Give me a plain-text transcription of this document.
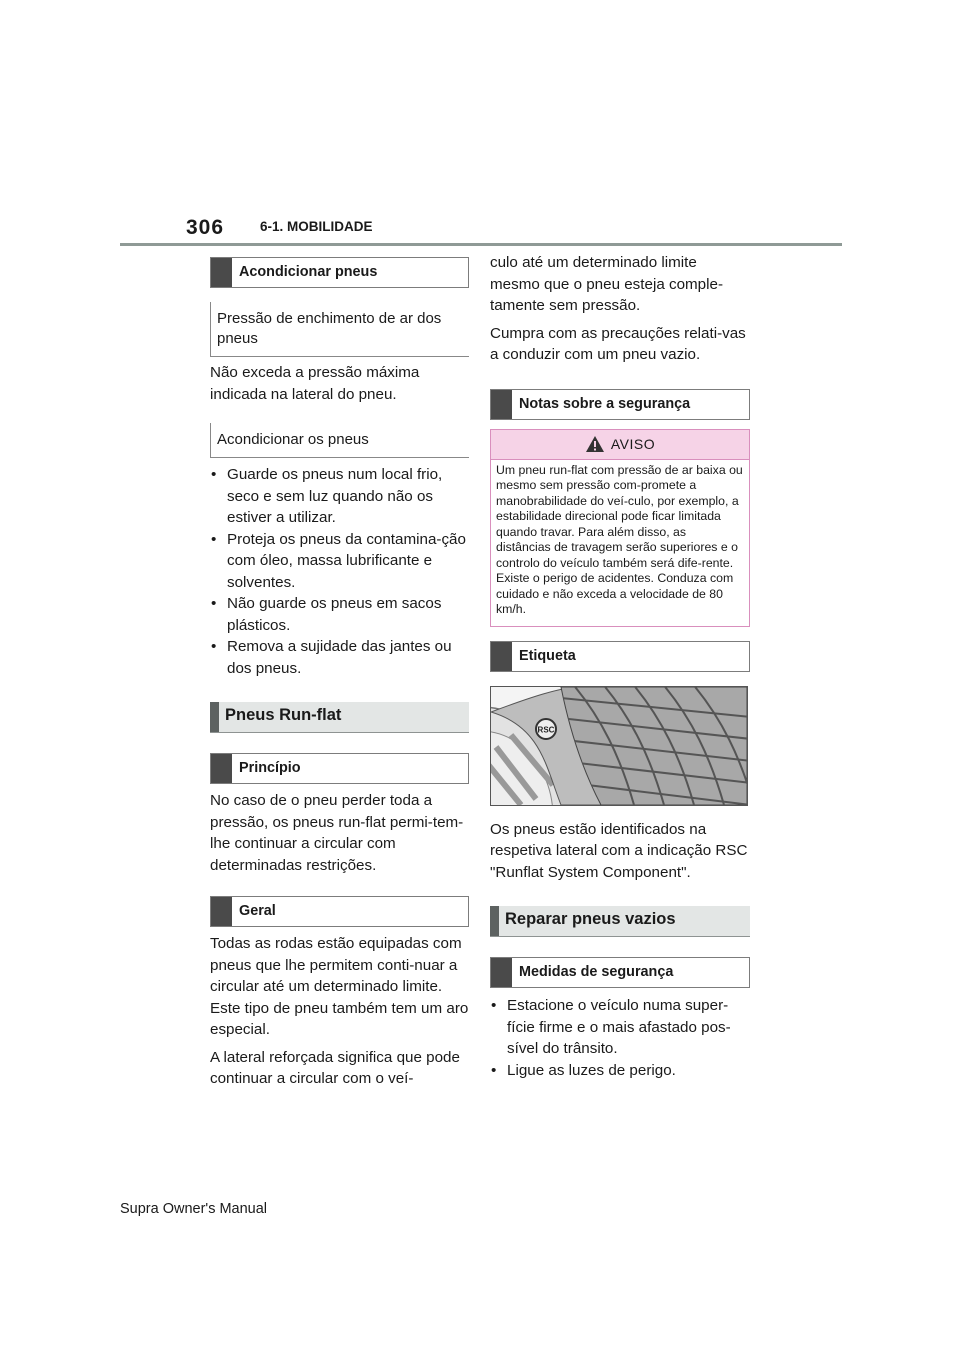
306	6-1. MOBILIDADE
Acondicionar pneus
Pressão de enchimento de ar dos pneus

Não exceda a pressão máxima indicada na lateral do pneu.

Acondicionar os pneus
• Guarde os pneus num local frio, seco e sem luz quando não os estiver a utilizar.
• Proteja os pneus da contamina-ção com óleo, massa lubrificante e solventes.
• Não guarde os pneus em sacos plásticos.
• Remova a sujidade das jantes ou dos pneus.
Pneus Run-flat
Princípio

No caso de o pneu perder toda a pressão, os pneus run-flat permi-tem-lhe continuar a circular com determinadas restrições.

Geral

Todas as rodas estão equipadas com pneus que lhe permitem conti-nuar a circular até um determinado limite. Este tipo de pneu também tem um aro especial.

A lateral reforçada significa que pode continuar a circular com o veí-

culo até um determinado limite mesmo que o pneu esteja comple-tamente sem pressão.

Cumpra com as precauções relati-vas a conduzir com um pneu vazio.

Notas sobre a segurança
AVISO
Um pneu run-flat com pressão de ar baixa ou mesmo sem pressão com-promete a manobrabilidade do veí-culo, por exemplo, a estabilidade direcional pode ficar limitada quando travar. Para além disso, as distâncias de travagem serão superiores e o controlo do veículo também será dife-rente. Existe o perigo de acidentes. Conduza com cuidado e não exceda a velocidade de 80 km/h.
Etiqueta
RSC

Os pneus estão identificados na respetiva lateral com a indicação RSC "Runflat System Component".

Reparar pneus vazios
Medidas de segurança
• Estacione o veículo numa super-fície firme e o mais afastado pos-sível do trânsito.
• Ligue as luzes de perigo.
Supra Owner's Manual
